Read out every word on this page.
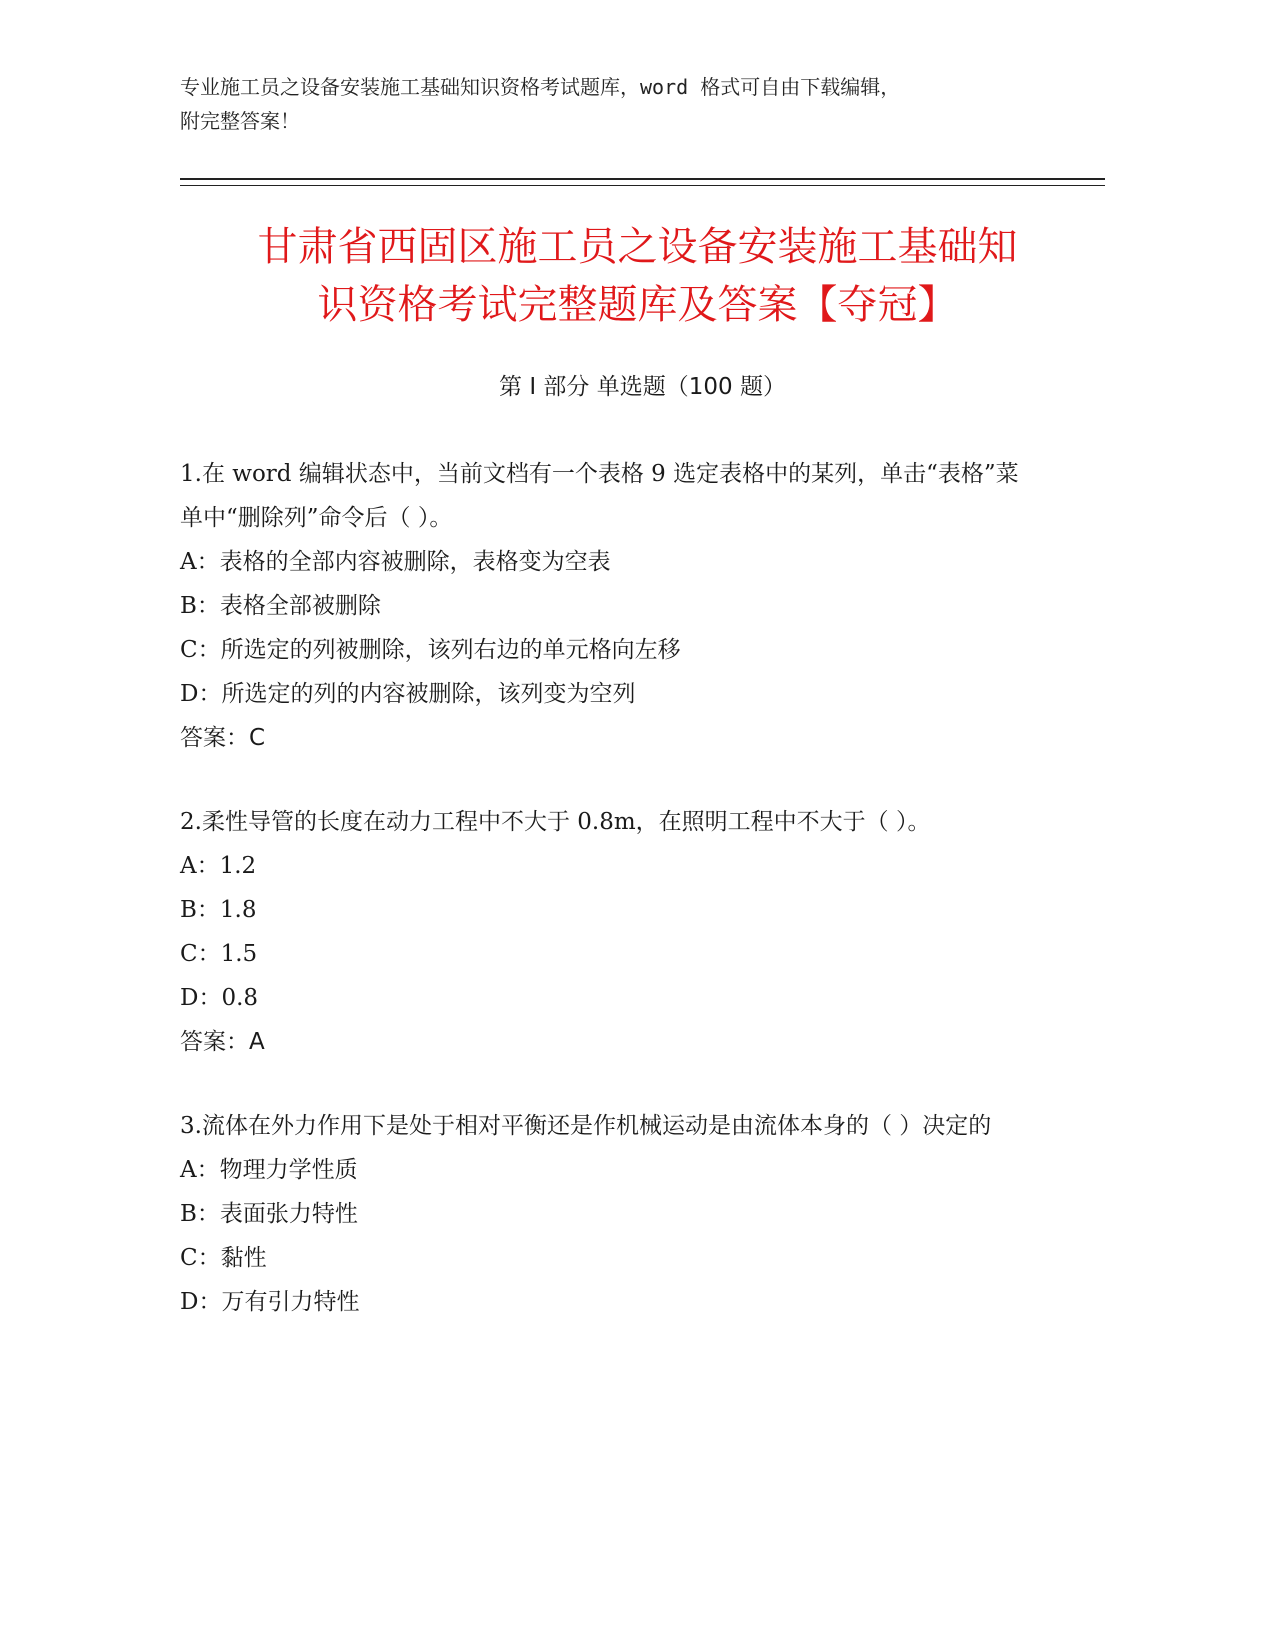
专业施工员之设备安装施工基础知识资格考试题库，word 格式可自由下载编辑，
附完整答案！
甘肃省西固区施工员之设备安装施工基础知
识资格考试完整题库及答案【夺冠】
第 I 部分 单选题（100 题）

1.在 word 编辑状态中，当前文档有一个表格 9 选定表格中的某列，单击“表格”菜单中“删除列”命令后（ ）。

A：表格的全部内容被删除，表格变为空表

B：表格全部被删除

C：所选定的列被删除，该列右边的单元格向左移

D：所选定的列的内容被删除，该列变为空列

答案：C

2.柔性导管的长度在动力工程中不大于 0.8m，在照明工程中不大于（ ）。

A：1.2

B：1.8

C：1.5

D：0.8

答案：A

3.流体在外力作用下是处于相对平衡还是作机械运动是由流体本身的（ ）决定的

A：物理力学性质

B：表面张力特性

C：黏性

D：万有引力特性
